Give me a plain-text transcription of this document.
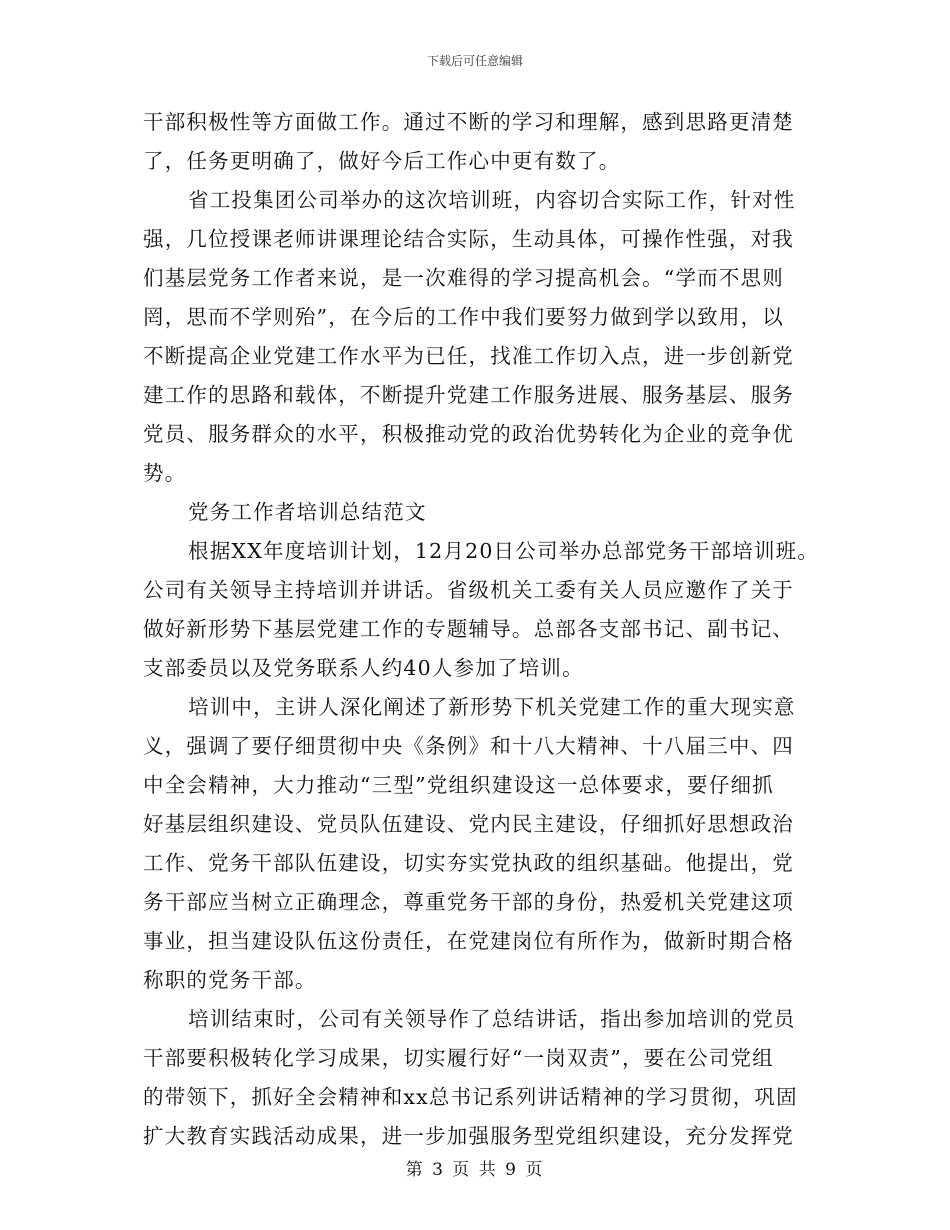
下载后可任意编辑
干部积极性等方面做工作。通过不断的学习和理解，感到思路更清楚
了，任务更明确了，做好今后工作心中更有数了。
省工投集团公司举办的这次培训班，内容切合实际工作，针对性
强，几位授课老师讲课理论结合实际，生动具体，可操作性强，对我
们基层党务工作者来说，是一次难得的学习提高机会。“学而不思则
罔，思而不学则殆”，在今后的工作中我们要努力做到学以致用，以
不断提高企业党建工作水平为已任，找准工作切入点，进一步创新党
建工作的思路和载体，不断提升党建工作服务进展、服务基层、服务
党员、服务群众的水平，积极推动党的政治优势转化为企业的竞争优
势。
党务工作者培训总结范文
根据XX年度培训计划，12月20日公司举办总部党务干部培训班。
公司有关领导主持培训并讲话。省级机关工委有关人员应邀作了关于
做好新形势下基层党建工作的专题辅导。总部各支部书记、副书记、
支部委员以及党务联系人约40人参加了培训。
培训中，主讲人深化阐述了新形势下机关党建工作的重大现实意
义，强调了要仔细贯彻中央《条例》和十八大精神、十八届三中、四
中全会精神，大力推动“三型”党组织建设这一总体要求，要仔细抓
好基层组织建设、党员队伍建设、党内民主建设，仔细抓好思想政治
工作、党务干部队伍建设，切实夯实党执政的组织基础。他提出，党
务干部应当树立正确理念，尊重党务干部的身份，热爱机关党建这项
事业，担当建设队伍这份责任，在党建岗位有所作为，做新时期合格
称职的党务干部。
培训结束时，公司有关领导作了总结讲话，指出参加培训的党员
干部要积极转化学习成果，切实履行好“一岗双责”，要在公司党组
的带领下，抓好全会精神和xx总书记系列讲话精神的学习贯彻，巩固
扩大教育实践活动成果，进一步加强服务型党组织建设，充分发挥党
第 3 页 共 9 页
